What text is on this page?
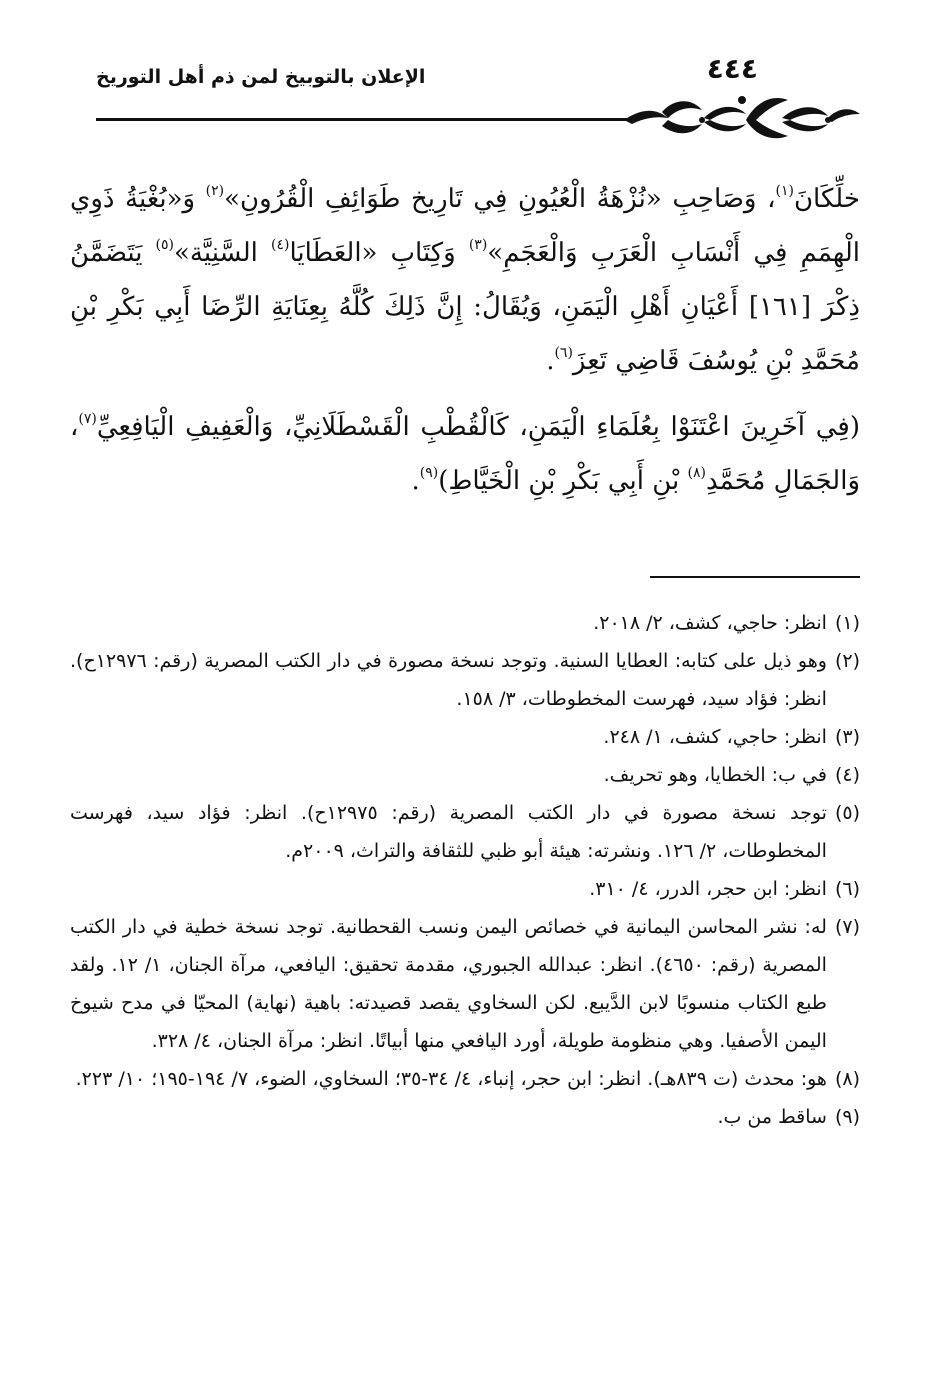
٤٤٤
الإعلان بالتوبيخ لمن ذم أهل التوريخ

خلِّكَانَ$^{(١)}$، وَصَاحِبِ «نُزْهَةُ الْعُيُونِ فِي تَارِيخ طَوَائِفِ الْقُرُونِ»$^{(٢)}$ وَ«بُغْيَةُ ذَوِي الْهِمَمِ فِي أَنْسَابِ الْعَرَبِ وَالْعَجَمِ»$^{(٣)}$ وَكِتَابِ «العَطَايَا$^{(٤)}$ السَّنِيَّة»$^{(٥)}$ يَتَضَمَّنُ ذِكْرَ [١٦١] أَعْيَانِ أَهْلِ الْيَمَنِ، وَيُقَالُ: إِنَّ ذَلِكَ كُلَّهُ بِعِنَايَةِ الرِّضَا أَبِي بَكْرِ بْنِ مُحَمَّدِ بْنِ يُوسُفَ قَاضِي تَعِزَ$^{(٦)}$.

(فِي آخَرِينَ اعْتَنَوْا بِعُلَمَاءِ الْيَمَنِ، كَالْقُطْبِ الْقَسْطَلَانِيِّ، وَالْعَفِيفِ الْيَافِعِيِّ$^{(٧)}$، وَالجَمَالِ مُحَمَّدِ$^{(٨)}$ بْنِ أَبِي بَكْرِ بْنِ الْخَيَّاطِ)$^{(٩)}$.

(١)
انظر: حاجي، كشف، ٢/ ٢٠١٨.
(٢)
وهو ذيل على كتابه: العطايا السنية. وتوجد نسخة مصورة في دار الكتب المصرية (رقم: ١٢٩٧٦ح). انظر: فؤاد سيد، فهرست المخطوطات، ٣/ ١٥٨.
(٣)
انظر: حاجي، كشف، ١/ ٢٤٨.
(٤)
في ب: الخطايا، وهو تحريف.
(٥)
توجد نسخة مصورة في دار الكتب المصرية (رقم: ١٢٩٧٥ح). انظر: فؤاد سيد، فهرست المخطوطات، ٢/ ١٢٦. ونشرته: هيئة أبو ظبي للثقافة والتراث، ٢٠٠٩م.
(٦)
انظر: ابن حجر، الدرر، ٤/ ٣١٠.
(٧)
له: نشر المحاسن اليمانية في خصائص اليمن ونسب القحطانية. توجد نسخة خطية في دار الكتب المصرية (رقم: ٤٦٥٠). انظر: عبدالله الجبوري، مقدمة تحقيق: اليافعي، مرآة الجنان، ١/ ١٢. ولقد طبع الكتاب منسوبًا لابن الدَّيبع. لكن السخاوي يقصد قصيدته: باهية (نهاية) المحيّا في مدح شيوخ اليمن الأصفيا. وهي منظومة طويلة، أورد اليافعي منها أبياتًا. انظر: مرآة الجنان، ٤/ ٣٢٨.
(٨)
هو: محدث (ت ٨٣٩هـ). انظر: ابن حجر، إنباء، ٤/ ٣٤-٣٥؛ السخاوي، الضوء، ٧/ ١٩٤-١٩٥؛ ١٠/ ٢٢٣.
(٩)
ساقط من ب.
